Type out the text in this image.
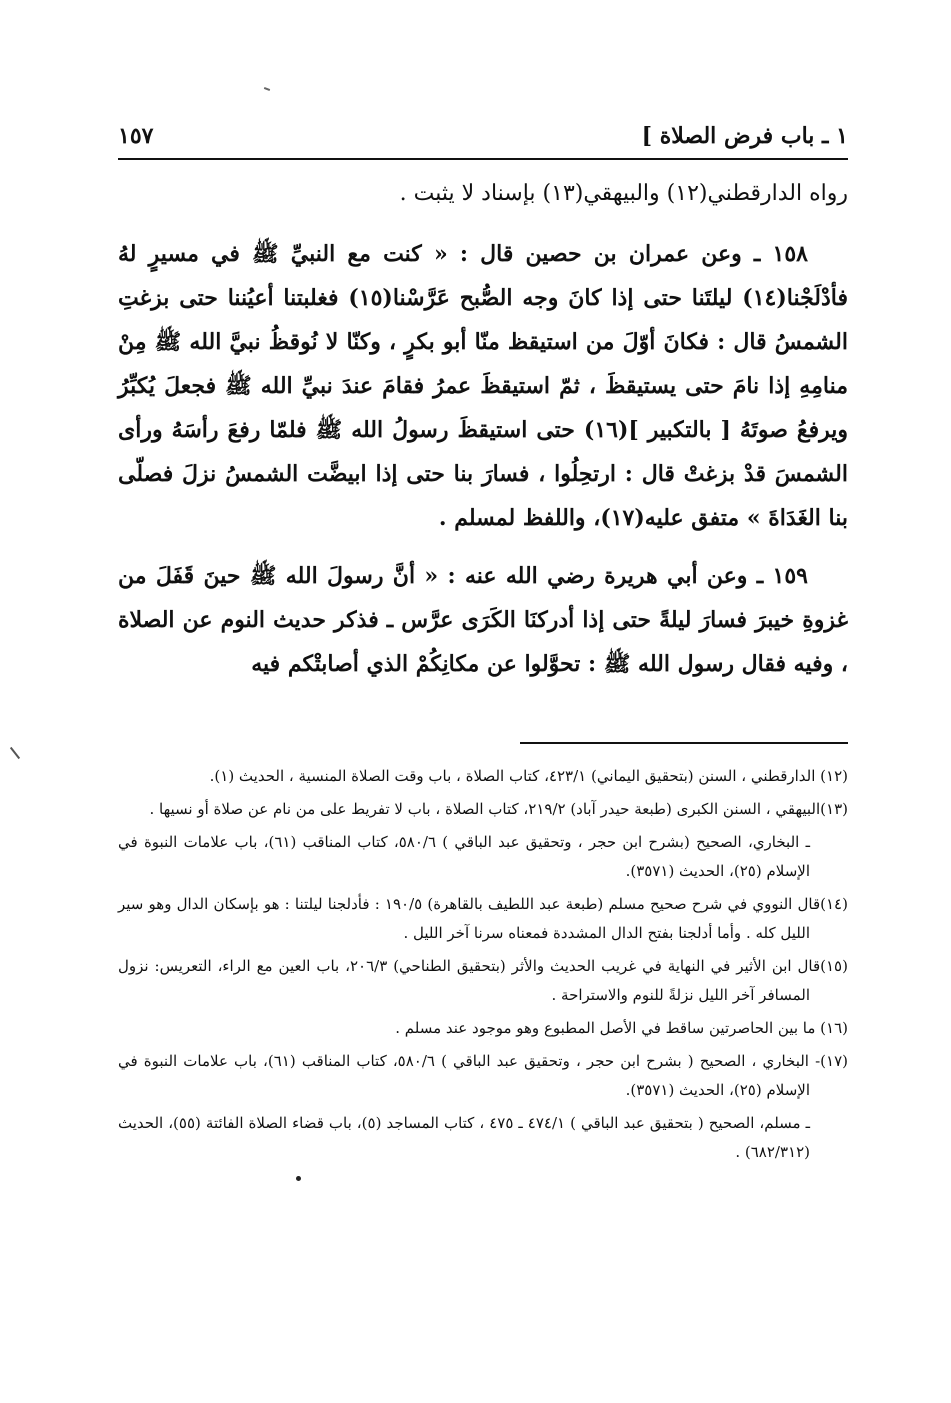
١ ـ باب فرض الصلاة ]
١٥٧

رواه الدارقطني(١٢) والبيهقي(١٣) بإسناد لا يثبت .

١٥٨ ـ وعن عمران بن حصين قال : « كنت مع النبيِّ ﷺ في مسيرٍ لهُ فأدْلَجْنا(١٤) ليلتَنا حتى إذا كانَ وجه الصُّبح عَرَّسْنا(١٥) فغلبتنا أعيُننا حتى بزغتِ الشمسُ قال : فكانَ أوّلَ من استيقظ منّا أبو بكرٍ ، وكنّا لا نُوقظُ نبيَّ الله ﷺ مِنْ منامِهِ إذا نامَ حتى يستيقظَ ، ثمّ استيقظَ عمرُ فقامَ عندَ نبيِّ الله ﷺ فجعلَ يُكبِّرُ ويرفعُ صوتَهُ [ بالتكبير ](١٦) حتى استيقظَ رسولُ الله ﷺ فلمّا رفعَ رأسَهُ ورأى الشمسَ قدْ بزغتْ قال : ارتحِلُوا ، فسارَ بنا حتى إذا ابيضَّت الشمسُ نزلَ فصلّى بنا الغَدَاةَ » متفق عليه(١٧)، واللفظ لمسلم .

١٥٩ ـ وعن أبي هريرة رضي الله عنه : « أنَّ رسولَ الله ﷺ حينَ قَفَلَ من غزوةِ خيبرَ فسارَ ليلةً حتى إذا أدركنَا الكَرَى عرَّس ـ فذكر حديث النوم عن الصلاة ، وفيه فقال رسول الله ﷺ : تحوَّلوا عن مكانِكُمْ الذي أصابتْكم فيه

(١٢) الدارقطني ، السنن (بتحقيق اليماني) ٤٢٣/١، كتاب الصلاة ، باب وقت الصلاة المنسية ، الحديث (١).

(١٣)البيهقي ، السنن الكبرى (طبعة حيدر آباد) ٢١٩/٢، كتاب الصلاة ، باب لا تفريط على من نام عن صلاة أو نسيها .

ـ البخاري، الصحيح (بشرح ابن حجر ، وتحقيق عبد الباقي ) ٥٨٠/٦، كتاب المناقب (٦١)، باب علامات النبوة في الإسلام (٢٥)، الحديث (٣٥٧١).

(١٤)قال النووي في شرح صحيح مسلم (طبعة عبد اللطيف بالقاهرة) ١٩٠/٥ : فأدلجنا ليلتنا : هو بإسكان الدال وهو سير الليل كله . وأما أدلجنا بفتح الدال المشددة فمعناه سرنا آخر الليل .

(١٥)قال ابن الأثير في النهاية في غريب الحديث والأثر (بتحقيق الطناحي) ٢٠٦/٣، باب العين مع الراء، التعريس: نزول المسافر آخر الليل نزلةً للنوم والاستراحة .

(١٦) ما بين الحاصرتين ساقط في الأصل المطبوع وهو موجود عند مسلم .

(١٧)- البخاري ، الصحيح ( بشرح ابن حجر ، وتحقيق عبد الباقي ) ٥٨٠/٦، كتاب المناقب (٦١)، باب علامات النبوة في الإسلام (٢٥)، الحديث (٣٥٧١).

ـ مسلم، الصحيح ( بتحقيق عبد الباقي ) ٤٧٤/١ ـ ٤٧٥ ، كتاب المساجد (٥)، باب قضاء الصلاة الفائتة (٥٥)، الحديث (٦٨٢/٣١٢) .
